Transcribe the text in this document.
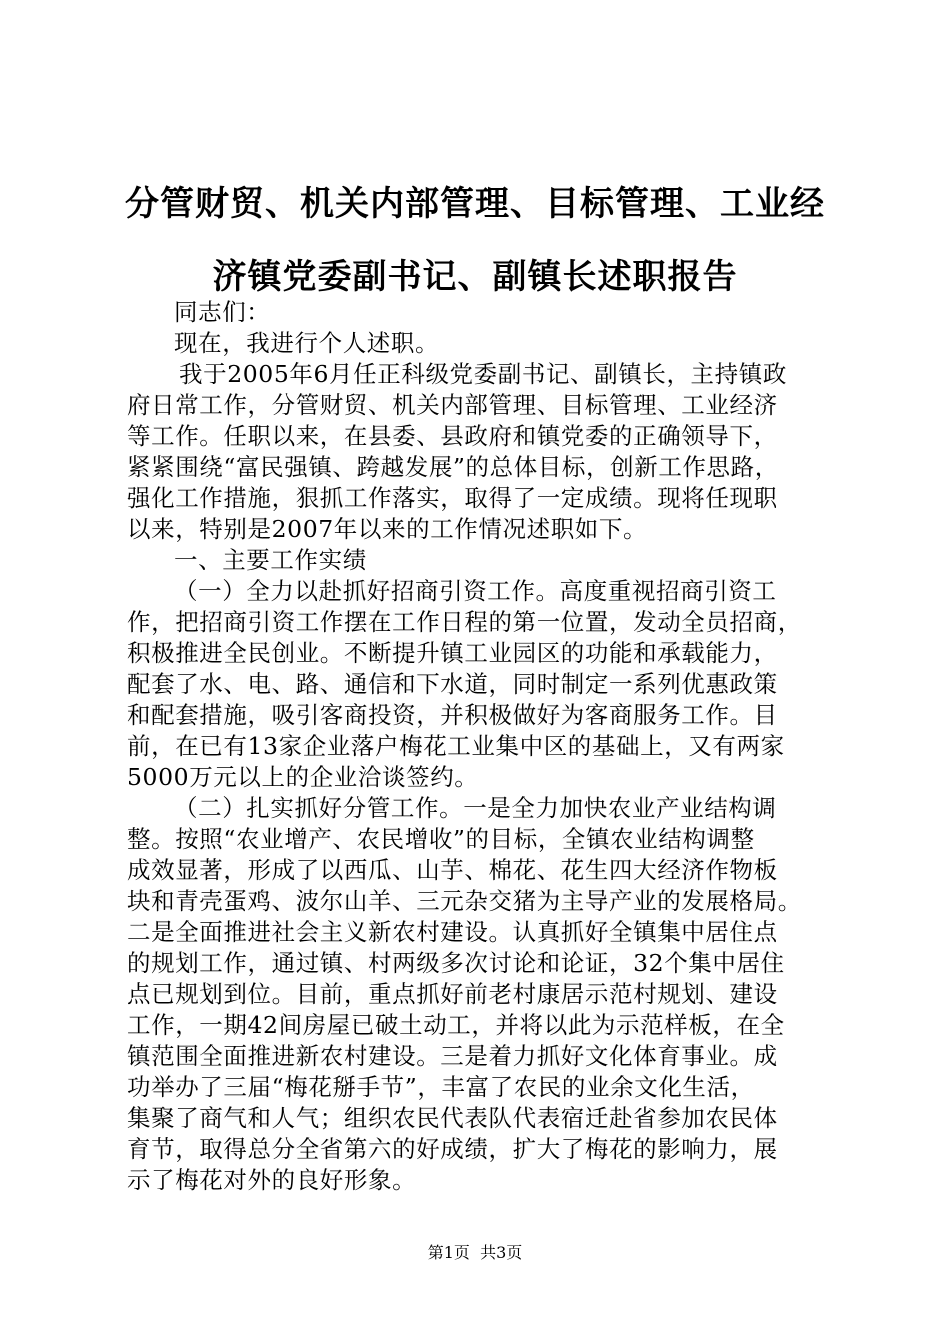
分管财贸、机关内部管理、目标管理、工业经
济镇党委副书记、副镇长述职报告
同志们：
现在，我进行个人述职。
我于2005年6月任正科级党委副书记、副镇长，主持镇政
府日常工作，分管财贸、机关内部管理、目标管理、工业经济
等工作。任职以来，在县委、县政府和镇党委的正确领导下，
紧紧围绕“富民强镇、跨越发展”的总体目标，创新工作思路，
强化工作措施，狠抓工作落实，取得了一定成绩。现将任现职
以来，特别是2007年以来的工作情况述职如下。
一、主要工作实绩
（一）全力以赴抓好招商引资工作。高度重视招商引资工
作，把招商引资工作摆在工作日程的第一位置，发动全员招商，
积极推进全民创业。不断提升镇工业园区的功能和承载能力，
配套了水、电、路、通信和下水道，同时制定一系列优惠政策
和配套措施，吸引客商投资，并积极做好为客商服务工作。目
前，在已有13家企业落户梅花工业集中区的基础上，又有两家
5000万元以上的企业洽谈签约。
（二）扎实抓好分管工作。一是全力加快农业产业结构调
整。按照“农业增产、农民增收”的目标，全镇农业结构调整
成效显著，形成了以西瓜、山芋、棉花、花生四大经济作物板
块和青壳蛋鸡、波尔山羊、三元杂交猪为主导产业的发展格局。
二是全面推进社会主义新农村建设。认真抓好全镇集中居住点
的规划工作，通过镇、村两级多次讨论和论证，32个集中居住
点已规划到位。目前，重点抓好前老村康居示范村规划、建设
工作，一期42间房屋已破土动工，并将以此为示范样板，在全
镇范围全面推进新农村建设。三是着力抓好文化体育事业。成
功举办了三届“梅花掰手节”，丰富了农民的业余文化生活，
集聚了商气和人气；组织农民代表队代表宿迁赴省参加农民体
育节，取得总分全省第六的好成绩，扩大了梅花的影响力，展
示了梅花对外的良好形象。
第1页  共3页
